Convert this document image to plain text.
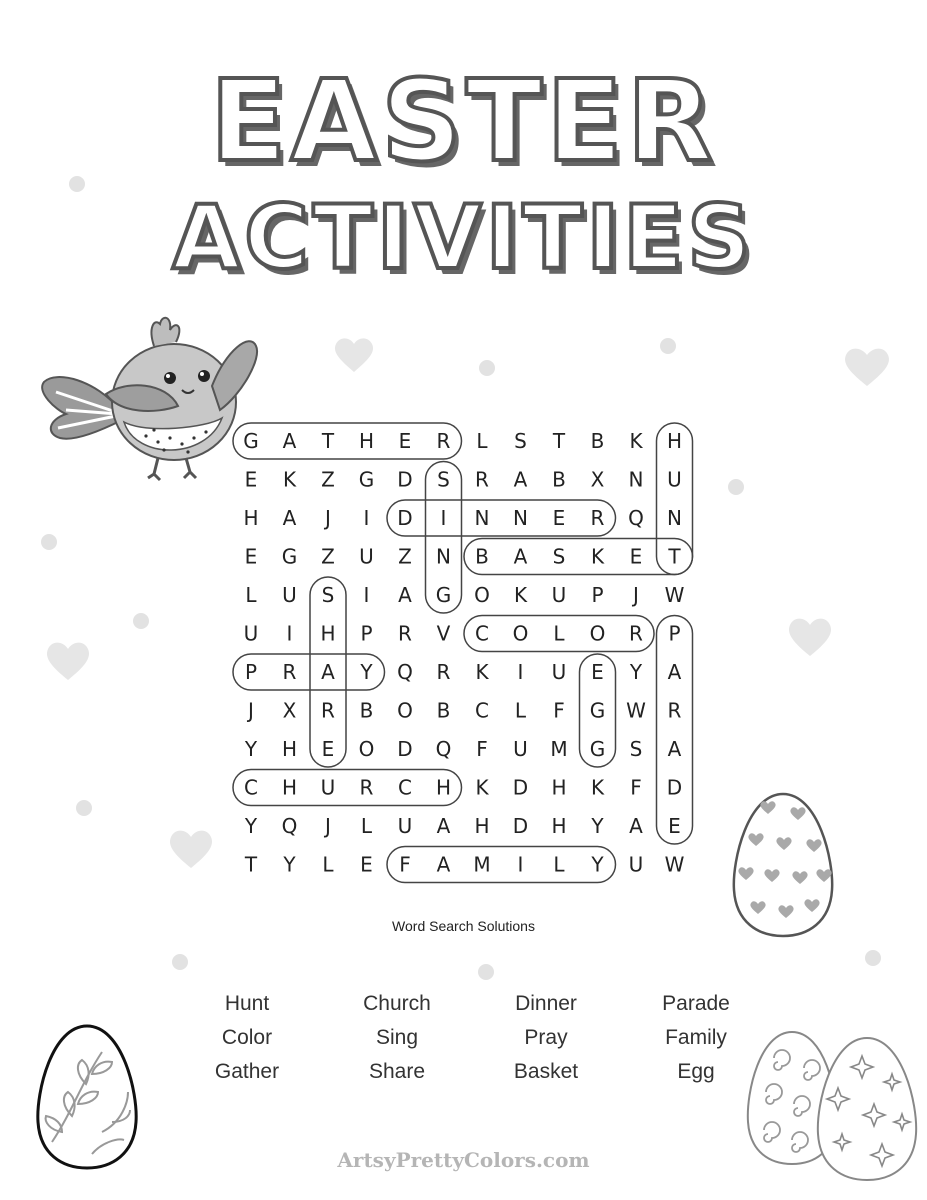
EASTER
ACTIVITIES
G A T H E R L S T B K H
E K Z G D S R A B X N U
H A J I D I N N E R Q N
E G Z U Z N B A S K E T
L U S I A G O K U P J W
U I H P R V C O L O R P
P R A Y Q R K I U E Y A
J X R B O B C L F G W R
Y H E O D Q F U M G S A
C H U R C H K D H K F D
Y Q J L U A H D H Y A E
T Y L E F A M I L Y U W
Word Search Solutions
Hunt	Church	Dinner	Parade
Color	Sing	Pray	Family
Gather	Share	Basket	Egg
ArtsyPrettyColors.com
